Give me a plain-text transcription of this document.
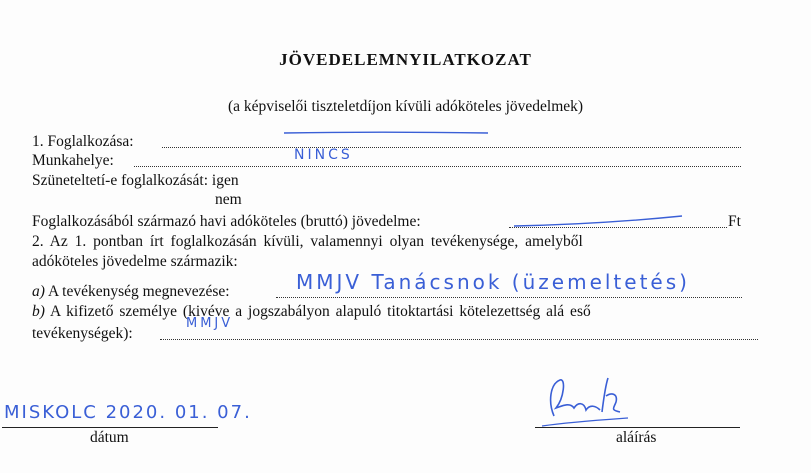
JÖVEDELEMNYILATKOZAT
(a képviselői tiszteletdíjon kívüli adóköteles jövedelmek)
1. Foglalkozása:
Munkahelye:	NINCS
Szüneteltetí-e foglalkozását: igen
nem
Foglalkozásából származó havi adóköteles (bruttó) jövedelme:	Ft
2. Az 1. pontban írt foglalkozásán kívüli, valamennyi olyan tevékenysége, amelyből
adóköteles jövedelme származik:
a) A tevékenység megnevezése:	MMJV Tanácsnok (üzemeltetés)
b) A kifizető személye (kivéve a jogszabályon alapuló titoktartási kötelezettség alá eső
tevékenységek):
MMJV
MISKOLC 2020. 01. 07.
dátum	aláírás
